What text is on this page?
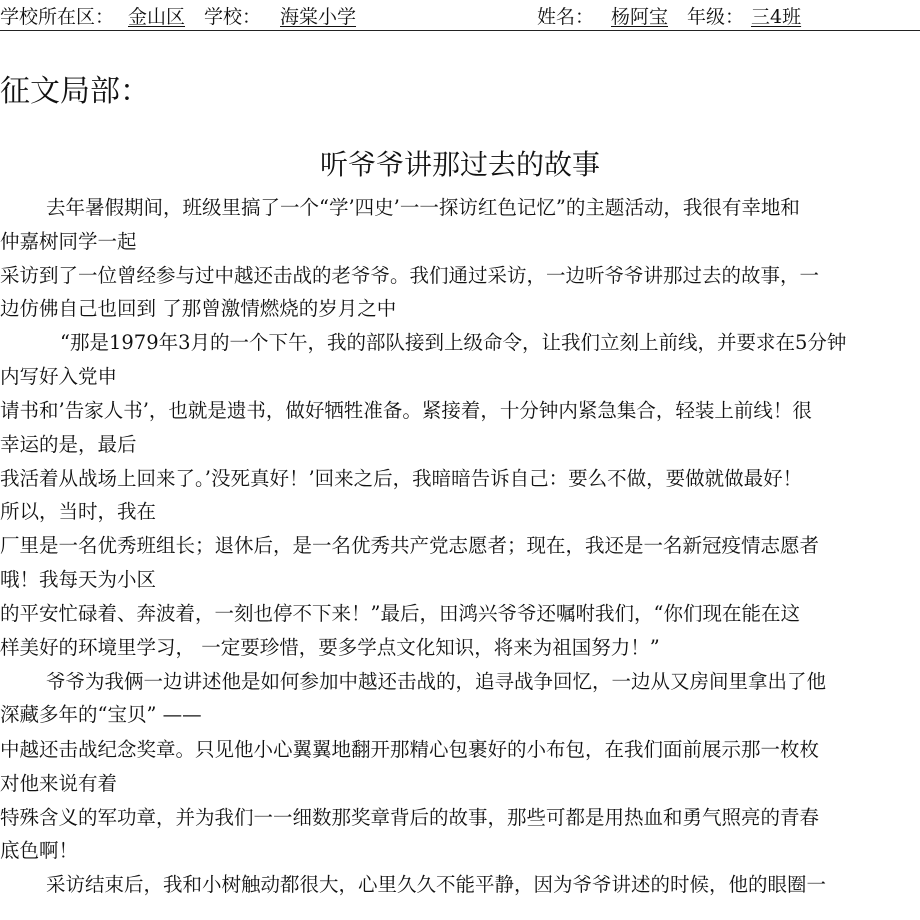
学校所在区： 金山区 学校： 海棠小学	姓名： 杨阿宝 年级： 三4班
征文局部：
听爷爷讲那过去的故事
去年暑假期间，班级里搞了一个“学’四史’一一探访红色记忆”的主题活动，我很有幸地和
仲嘉树同学一起
采访到了一位曾经参与过中越还击战的老爷爷。我们通过采访，一边听爷爷讲那过去的故事，一
边仿佛自己也回到 了那曾激情燃烧的岁月之中
“那是1979年3月的一个下午，我的部队接到上级命令，让我们立刻上前线，并要求在5分钟
内写好入党申
请书和’告家人书’，也就是遗书，做好牺牲准备。紧接着，十分钟内紧急集合，轻装上前线！很
幸运的是，最后
我活着从战场上回来了。’没死真好！’回来之后，我暗暗告诉自己：要么不做，要做就做最好！
所以，当时，我在
厂里是一名优秀班组长；退休后，是一名优秀共产党志愿者；现在，我还是一名新冠疫情志愿者
哦！我每天为小区
的平安忙碌着、奔波着，一刻也停不下来！”最后，田鸿兴爷爷还嘱咐我们，“你们现在能在这
样美好的环境里学习， 一定要珍惜，要多学点文化知识，将来为祖国努力！”
爷爷为我俩一边讲述他是如何参加中越还击战的，追寻战争回忆，一边从又房间里拿出了他
深藏多年的“宝贝” ——
中越还击战纪念奖章。只见他小心翼翼地翻开那精心包裹好的小布包，在我们面前展示那一枚枚
对他来说有着
特殊含义的军功章，并为我们一一细数那奖章背后的故事，那些可都是用热血和勇气照亮的青春
底色啊！
采访结束后，我和小树触动都很大，心里久久不能平静，因为爷爷讲述的时候，他的眼圈一
